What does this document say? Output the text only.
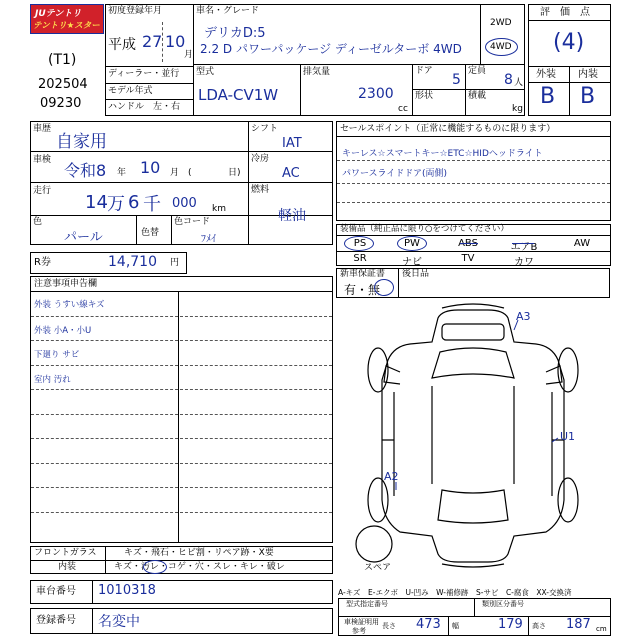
JUテントリ
テントリ★スター
(T1)
202504
09230
初度登録年月
平成 27 10
月
ディーラー・並行
モデル年式
ハンドル　左・右
車名・グレード
デリカD:5
2.2 D パワーパッケージ ディーゼルターボ 4WD
2WD
4WD
型式
LDA-CV1W
排気量
2300
cc
ドア
5
定員
8 人
形状	積載
kg
評　価　点
(4)
外装 内装
B B
車歴
自家用
車検
令和8 年 10 月 (	日)
走行
14 万 6 千 000 km
色
パール	色替
色コード
ﾌﾒｲ
シフト
IAT
冷房
AC
燃料
軽油
R券	14,710 円
セールスポイント（正常に機能するものに限ります）
キーレス☆スマートキー☆ETC☆HIDヘッドライト
パワースライドドア(両側)
装備品（純正品に限り○をつけてください）
PS	PW	ABS	エアB	AW
SR	ナビ	TV	カワ
新車保証書
有・無
後日品
注意事項申告欄
外装 うすい線キズ
外装 小A・小U
下廻り サビ
室内 汚れ
A3
U1
A2
スペア
フロントガラス	キズ・飛石・ヒビ割・リペア跡・X要
内装	キズ・汚レ・コゲ・穴・スレ・キレ・破レ
A-キズ　E-エクボ　U-凹み　W-補修跡　S-サビ　C-腐食　XX-交換済
車台番号 1010318
登録番号 名変中
型式指定番号	類別区分番号
車検証明用
参考
長さ 473 幅	179 高さ 187 cm
